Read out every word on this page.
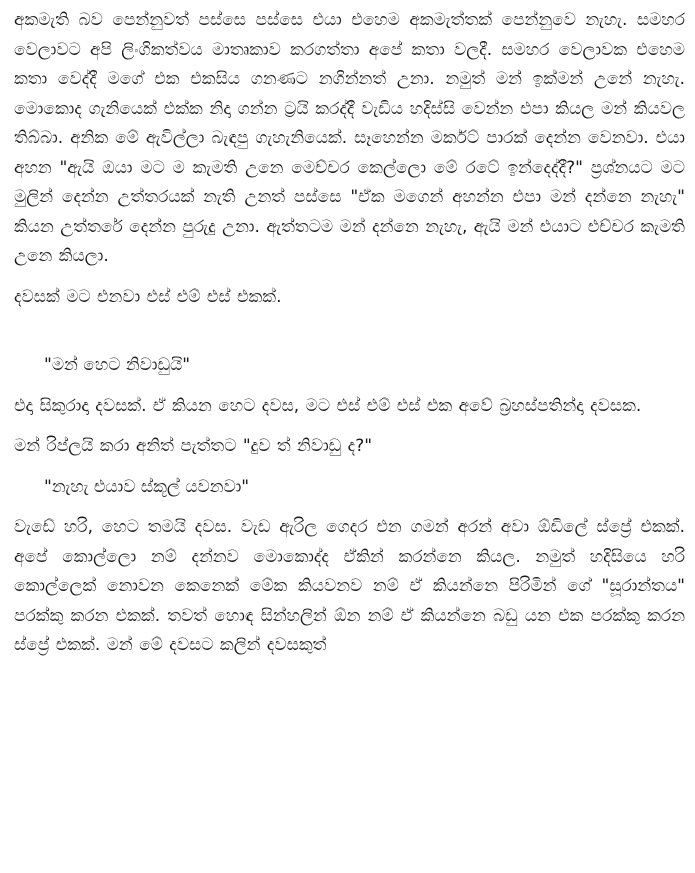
අකමැති බව පෙන්නුවත් පස්සෙ පස්සෙ එයා එහෙම අකමැත්තක් පෙන්නුවෙ නැහැ. සමහර වෙලාවට අපි ලිංගිකත්වය මාතෘකාව කරගත්තා අපේ කතා වලදී. සමහර වෙලාවක එහෙම කතා වෙද්දී මගේ එක එකසිය ගනණට නගින්නත් උනා. නමුත් මන් ඉක්මන් උනේ නැහැ. මොකොද ගැනියෙක් එක්ක නිදා ගන්න ට්‍රයි කරද්දී වැඩිය හදිස්සි වෙන්න එපා කියල මන් කියවල තිබ්බා. අනික මේ ඇවිල්ලා බැඳපු ගැහැනියෙක්. සෑහෙන්න මර්කට් පාරක් දෙන්න වෙනවා. එයා අහන "ඇයි ඔයා මට ම කැමති උනෙ මෙච්චර කෙල්ලො මේ රටේ ඉන්දෙද්දී?" ප්‍රශ්නයට මට මුලින් දෙන්න උත්තරයක් නැති උනත් පස්සෙ "ඒක මගෙන් අහන්න එපා මන් දන්නෙ නැහැ" කියන උත්තරේ දෙන්න පුරුදු උනා. ඇත්තටම මන් දන්නෙ නැහැ, ඇයි මන් එයාට එච්චර කැමති උනෙ කියලා.

දවසක් මට එනවා එස් එම් එස් එකක්.

"මන් හෙට නිවාඩුයි"

එදා සිකුරාදා දවසක්. ඒ කියන හෙට දවස, මට එස් එම් එස් එක අවේ බ්‍රහස්පතින්දා දවසක.

මන් රිප්ලයි කරා අනිත් පැත්තට "දුව ත් නිවාඩු ද?"

"නැහැ එයාව ස්කූල් යවනවා"

වැඩේ හරි, හෙට තමයි දවස. වැඩ ඇරිල ගෙදර එන ගමන් අරන් අවා ඕඩිලේ ස්ප්‍රේ එකක්. අපේ කොල්ලො නම් දන්නව මොකොද්ද ඒකින් කරන්නෙ කියල. නමුත් හදිසියෙ හරි කොල්ලෙක් නොවන කෙනෙක් මේක කියවනව නම් ඒ කියන්නෙ පිරිමින් ගේ "සූරාන්තය" පරක්කු කරන එකක්. තවත් හොඳ සින්හලින් ඕන නම් ඒ කියන්නෙ බඩු යන එක පරක්කු කරන ස්ප්‍රේ එකක්. මන් මේ දවසට කලින් දවසකුත්
